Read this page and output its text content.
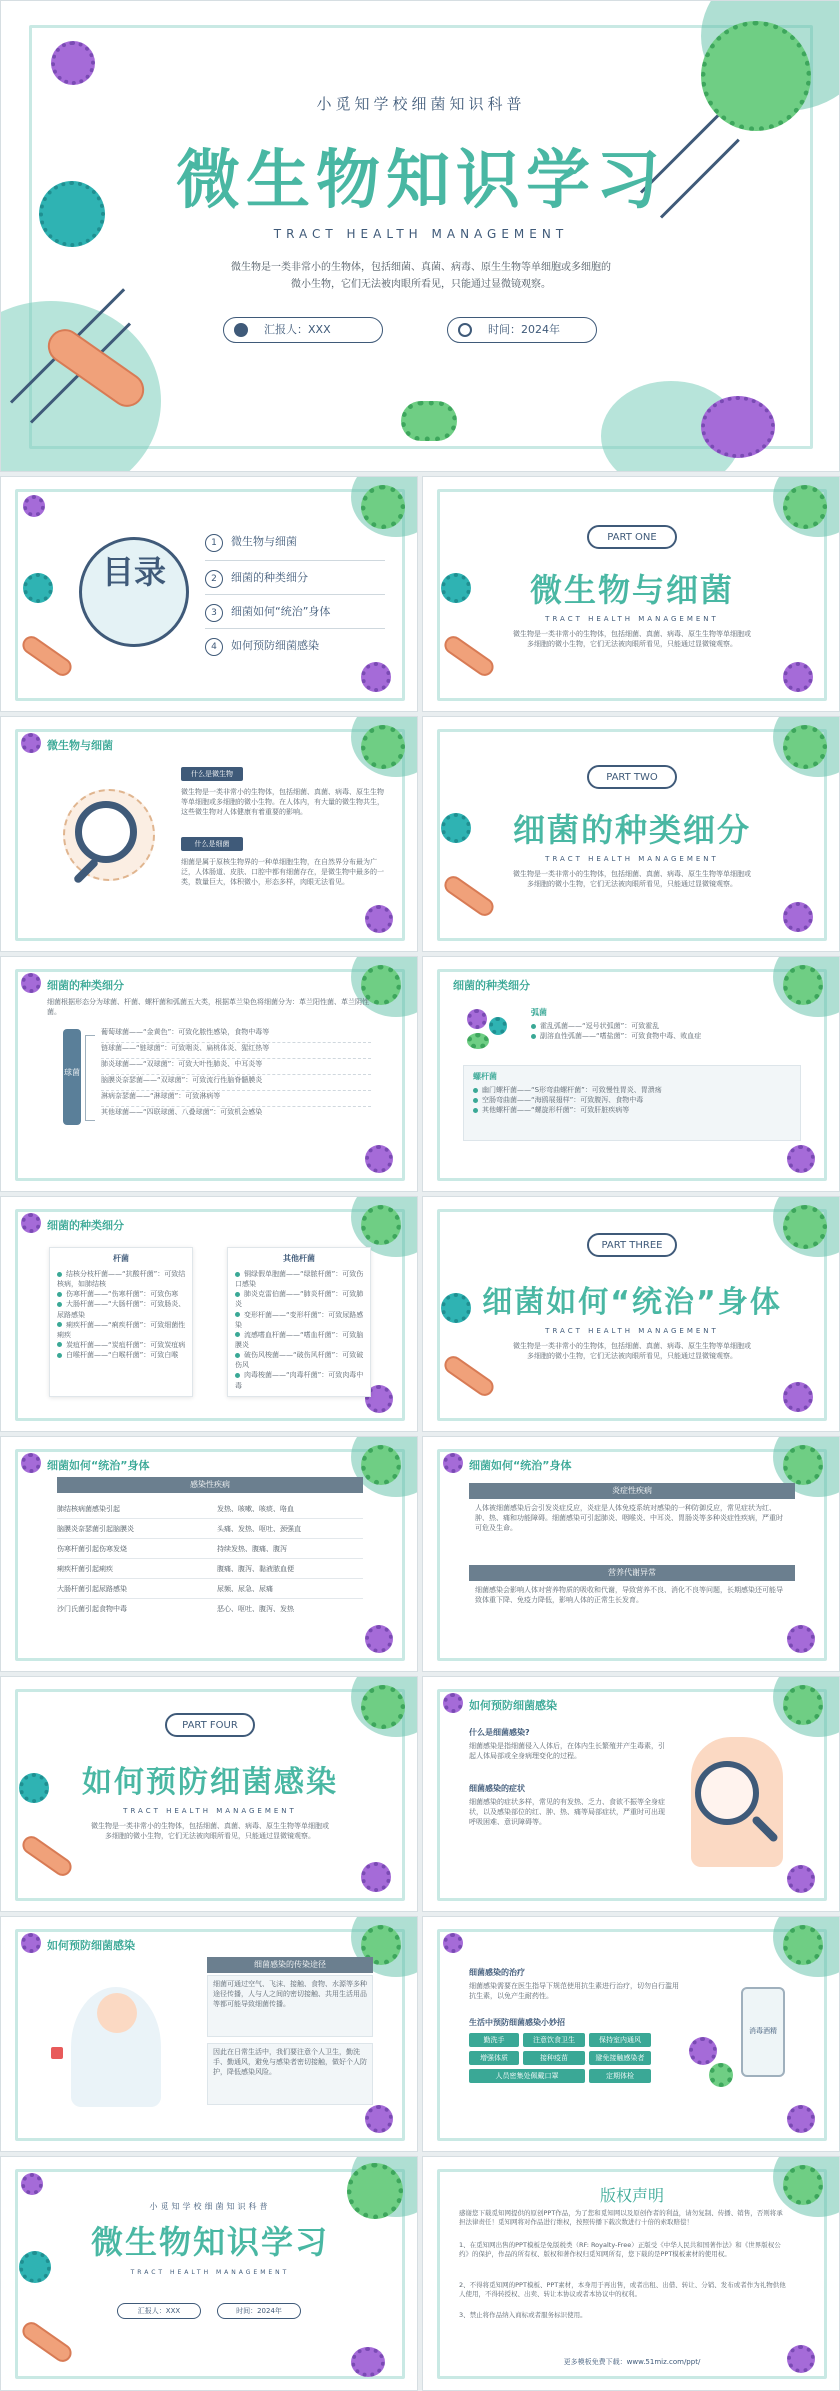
小觅知学校细菌知识科普
微生物知识学习
TRACT HEALTH MANAGEMENT
微生物是一类非常小的生物体，包括细菌、真菌、病毒、原生生物等单细胞或多细胞的微小生物，它们无法被肉眼所看见，只能通过显微镜观察。
汇报人：XXX	时间：2024年
目录
1 微生物与细菌
2 细菌的种类细分
3 细菌如何“统治”身体
4 如何预防细菌感染
PART ONE
微生物与细菌
TRACT HEALTH MANAGEMENT
微生物是一类非常小的生物体，包括细菌、真菌、病毒、原生生物等单细胞或多细胞的微小生物，它们无法被肉眼所看见，只能通过显微镜观察。
微生物与细菌
什么是微生物
微生物是一类非常小的生物体，包括细菌、真菌、病毒、原生生物等单细胞或多细胞的微小生物。在人体内，有大量的微生物共生，这些微生物对人体健康有着重要的影响。
什么是细菌
细菌是属于原核生物界的一种单细胞生物，在自然界分布最为广泛，人体肠道、皮肤、口腔中都有细菌存在，是微生物中最多的一类，数量巨大，体积微小，形态多样，肉眼无法看见。
PART TWO
细菌的种类细分
TRACT HEALTH MANAGEMENT
微生物是一类非常小的生物体，包括细菌、真菌、病毒、原生生物等单细胞或多细胞的微小生物，它们无法被肉眼所看见，只能通过显微镜观察。
细菌的种类细分
细菌根据形态分为球菌、杆菌、螺杆菌和弧菌五大类，根据革兰染色将细菌分为：革兰阳性菌、革兰阴性菌。
球菌
葡萄球菌——“金黄色”：可致化脓性感染，食物中毒等
链球菌——“链球菌”：可致咽炎、扁桃体炎、猩红热等
肺炎球菌——“双球菌”：可致大叶性肺炎、中耳炎等
脑膜炎奈瑟菌——“双球菌”：可致流行性脑脊髓膜炎
淋病奈瑟菌——“淋球菌”：可致淋病等
其他球菌——“四联球菌、八叠球菌”：可致机会感染
细菌的种类细分
弧菌
霍乱弧菌——“逗号状弧菌”：可致霍乱
副溶血性弧菌——“嗜盐菌”：可致食物中毒、败血症
螺杆菌
幽门螺杆菌——“S形弯曲螺杆菌”：可致慢性胃炎、胃溃疡
空肠弯曲菌——“海鸥展翅样”：可致腹泻、食物中毒
其他螺杆菌——“螺旋形杆菌”：可致肝脏疾病等
细菌的种类细分
杆菌
结核分枝杆菌——“抗酸杆菌”：可致结核病，如肺结核
伤寒杆菌——“伤寒杆菌”：可致伤寒
大肠杆菌——“大肠杆菌”：可致肠炎、尿路感染
痢疾杆菌——“痢疾杆菌”：可致细菌性痢疾
炭疽杆菌——“炭疽杆菌”：可致炭疽病
白喉杆菌——“白喉杆菌”：可致白喉
其他杆菌
铜绿假单胞菌——“绿脓杆菌”：可致伤口感染
肺炎克雷伯菌——“肺炎杆菌”：可致肺炎
变形杆菌——“变形杆菌”：可致尿路感染
流感嗜血杆菌——“嗜血杆菌”：可致脑膜炎
破伤风梭菌——“破伤风杆菌”：可致破伤风
肉毒梭菌——“肉毒杆菌”：可致肉毒中毒
PART THREE
细菌如何“统治”身体
TRACT HEALTH MANAGEMENT
微生物是一类非常小的生物体，包括细菌、真菌、病毒、原生生物等单细胞或多细胞的微小生物，它们无法被肉眼所看见，只能通过显微镜观察。
细菌如何“统治”身体
感染性疾病
肺结核病菌感染引起	发热、咳嗽、咳痰、咯血
脑膜炎奈瑟菌引起脑膜炎	头痛、发热、呕吐、颈强直
伤寒杆菌引起伤寒发烧	持续发热、腹痛、腹泻
痢疾杆菌引起痢疾	腹痛、腹泻、黏液脓血便
大肠杆菌引起尿路感染	尿频、尿急、尿痛
沙门氏菌引起食物中毒	恶心、呕吐、腹泻、发热
细菌如何“统治”身体
炎症性疾病
人体被细菌感染后会引发炎症反应，炎症是人体免疫系统对感染的一种防御反应，常见症状为红、肿、热、痛和功能障碍。细菌感染可引起肺炎、咽喉炎、中耳炎、胃肠炎等多种炎症性疾病，严重时可危及生命。
营养代谢异常
细菌感染会影响人体对营养物质的吸收和代谢，导致营养不良、消化不良等问题，长期感染还可能导致体重下降、免疫力降低，影响人体的正常生长发育。
PART FOUR
如何预防细菌感染
TRACT HEALTH MANAGEMENT
微生物是一类非常小的生物体，包括细菌、真菌、病毒、原生生物等单细胞或多细胞的微小生物，它们无法被肉眼所看见，只能通过显微镜观察。
如何预防细菌感染
什么是细菌感染?
细菌感染是指细菌侵入人体后，在体内生长繁殖并产生毒素，引起人体局部或全身病理变化的过程。
细菌感染的症状
细菌感染的症状多样，常见的有发热、乏力、食欲不振等全身症状，以及感染部位的红、肿、热、痛等局部症状，严重时可出现呼吸困难、意识障碍等。
如何预防细菌感染
细菌感染的传染途径
细菌可通过空气、飞沫、接触、食物、水源等多种途径传播，人与人之间的密切接触、共用生活用品等都可能导致细菌传播。
因此在日常生活中，我们要注意个人卫生，勤洗手、勤通风，避免与感染者密切接触，做好个人防护，降低感染风险。
细菌感染的治疗
细菌感染需要在医生指导下规范使用抗生素进行治疗，切勿自行滥用抗生素，以免产生耐药性。
生活中预防细菌感染小妙招
勤洗手	注意饮食卫生	保持室内通风
增强体质	接种疫苗	避免接触感染者
人员密集处佩戴口罩	定期体检
消毒酒精
小觅知学校细菌知识科普
微生物知识学习
TRACT HEALTH MANAGEMENT
汇报人：XXX	时间：2024年
版权声明
感谢您下载觅知网提供的原创PPT作品，为了您和觅知网以及原创作者的利益，请勿复制、传播、销售，否则将承担法律责任！觅知网将对作品进行维权，按照传播下载次数进行十倍的索取赔偿！
1、在觅知网出售的PPT模板是免版税类（RF: Royalty-Free）正版受《中华人民共和国著作法》和《世界版权公约》的保护，作品的所有权、版权和著作权归觅知网所有，您下载的是PPT模板素材的使用权。
2、不得将觅知网的PPT模板、PPT素材，本身用于再出售，或者出租、出借、转让、分销、发布或者作为礼物供他人使用，不得转授权、出卖、转让本协议或者本协议中的权利。
3、禁止将作品纳入商标或者服务标识使用。
更多模板免费下载：www.51miz.com/ppt/
